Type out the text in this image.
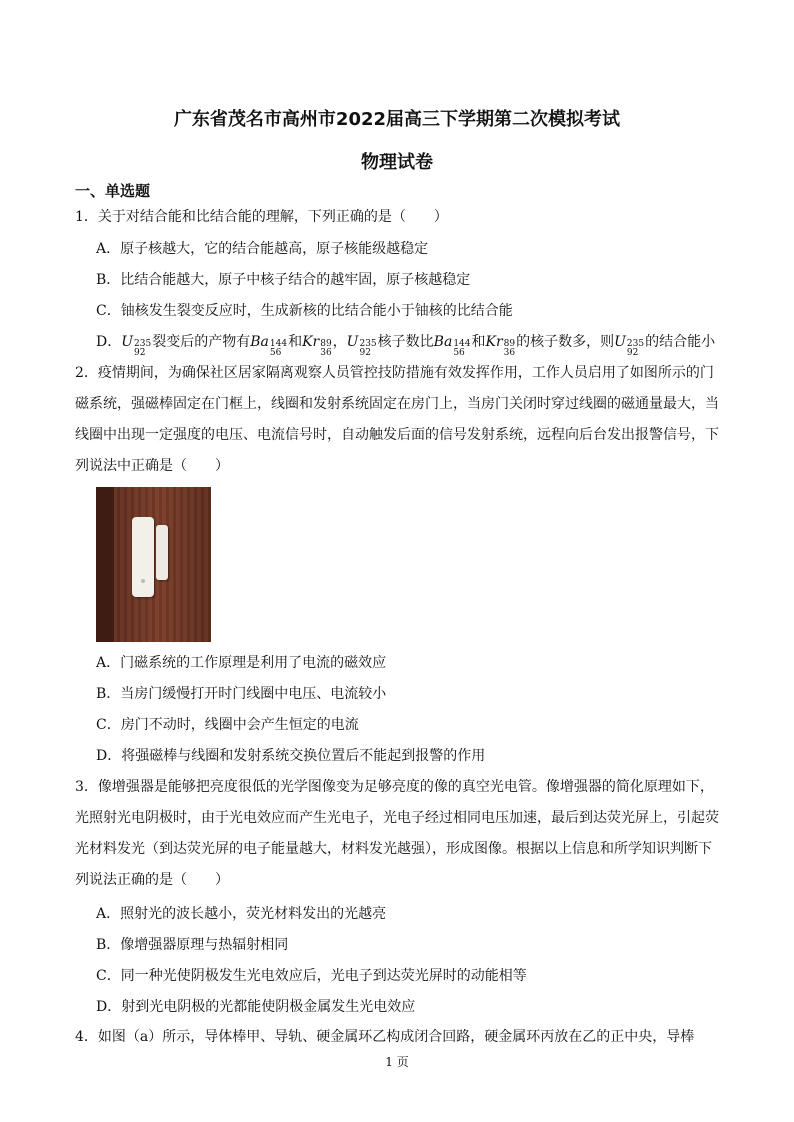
广东省茂名市高州市2022届高三下学期第二次模拟考试
物理试卷
一、单选题
1．关于对结合能和比结合能的理解，下列正确的是（　　）
A．原子核越大，它的结合能越高，原子核能级越稳定
B．比结合能越大，原子中核子结合的越牢固，原子核越稳定
C．铀核发生裂变反应时，生成新核的比结合能小于铀核的比结合能
D． U 235
92
裂变后的产物有 Ba 144
56
和 Kr 89
36
， U 235
92
核子数比 Ba 144
56
和 Kr 89
36
的核子数多，则 U 235
92
的结合能小
2．疫情期间，为确保社区居家隔离观察人员管控技防措施有效发挥作用，工作人员启用了如图所示的门磁系统，强磁棒固定在门框上，线圈和发射系统固定在房门上，当房门关闭时穿过线圈的磁通量最大，当线圈中出现一定强度的电压、电流信号时，自动触发后面的信号发射系统，远程向后台发出报警信号，下列说法中正确是（　　）
A．门磁系统的工作原理是利用了电流的磁效应
B．当房门缓慢打开时门线圈中电压、电流较小
C．房门不动时，线圈中会产生恒定的电流
D．将强磁棒与线圈和发射系统交换位置后不能起到报警的作用
3．像增强器是能够把亮度很低的光学图像变为足够亮度的像的真空光电管。像增强器的简化原理如下，光照射光电阴极时，由于光电效应而产生光电子，光电子经过相同电压加速，最后到达荧光屏上，引起荧光材料发光（到达荧光屏的电子能量越大，材料发光越强），形成图像。根据以上信息和所学知识判断下列说法正确的是（　　）
A．照射光的波长越小，荧光材料发出的光越亮
B．像增强器原理与热辐射相同
C．同一种光使阴极发生光电效应后，光电子到达荧光屏时的动能相等
D．射到光电阴极的光都能使阴极金属发生光电效应
4．如图（a）所示，导体棒甲、导轨、硬金属环乙构成闭合回路，硬金属环丙放在乙的正中央，导棒
1 页
